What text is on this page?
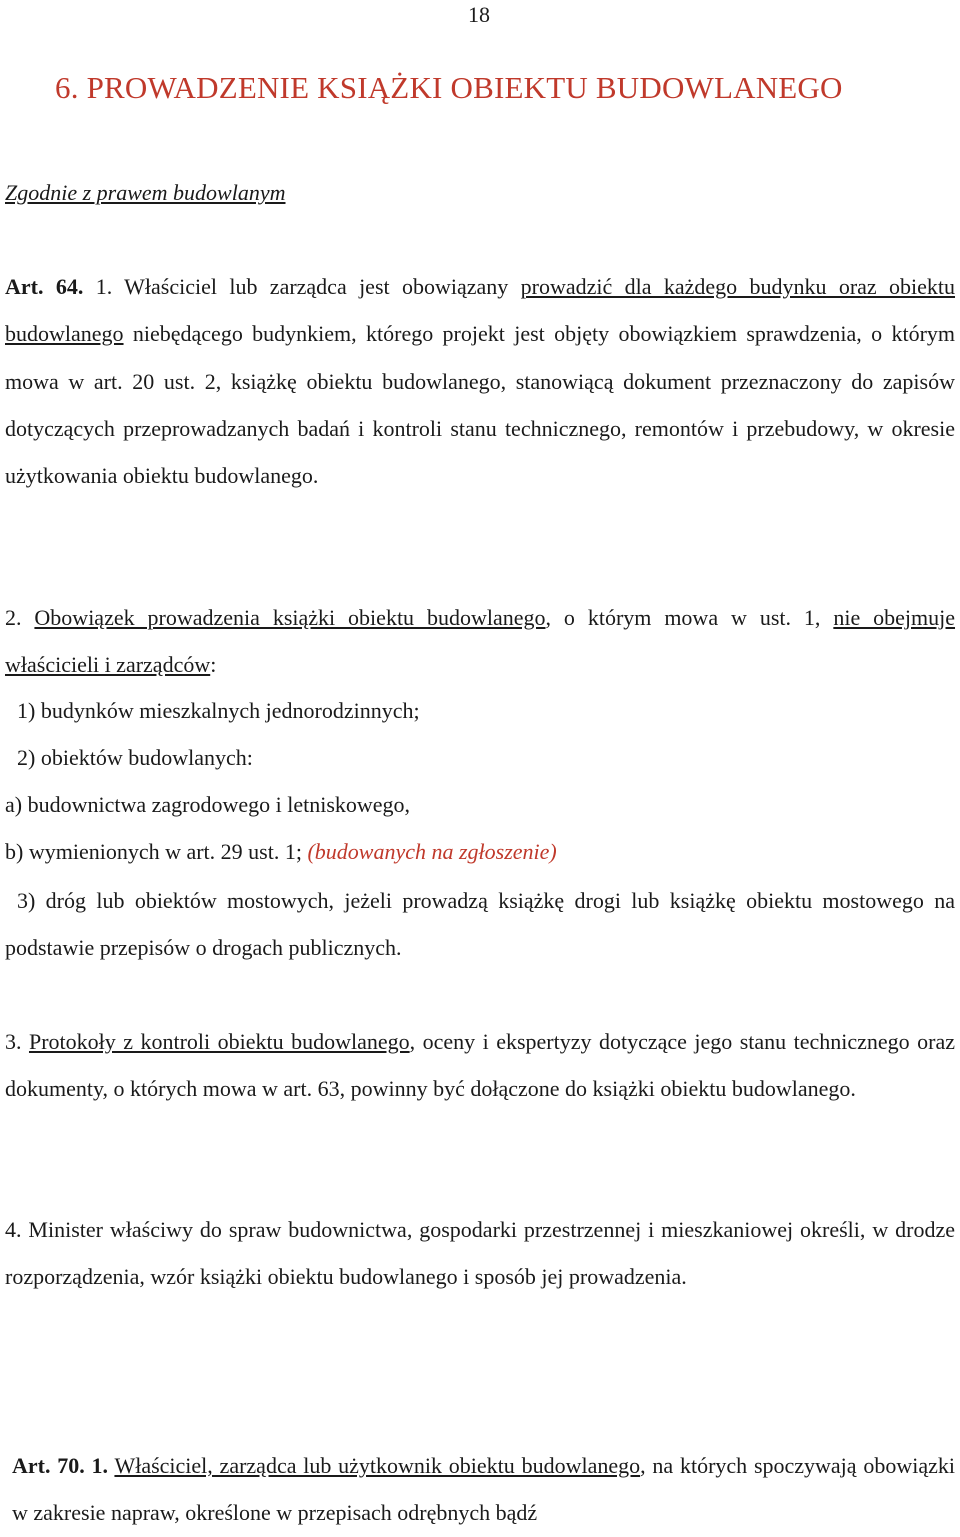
18
6. PROWADZENIE KSIĄŻKI OBIEKTU BUDOWLANEGO
Zgodnie z prawem budowlanym
Art. 64. 1. Właściciel lub zarządca jest obowiązany prowadzić dla każdego budynku oraz obiektu budowlanego niebędącego budynkiem, którego projekt jest objęty obowiązkiem sprawdzenia, o którym mowa w art. 20 ust. 2, książkę obiektu budowlanego, stanowiącą dokument przeznaczony do zapisów dotyczących przeprowadzanych badań i kontroli stanu technicznego, remontów i przebudowy, w okresie użytkowania obiektu budowlanego.
2. Obowiązek prowadzenia książki obiektu budowlanego, o którym mowa w ust. 1, nie obejmuje właścicieli i zarządców:
1) budynków mieszkalnych jednorodzinnych;
2) obiektów budowlanych:
a) budownictwa zagrodowego i letniskowego,
b) wymienionych w art. 29 ust. 1; (budowanych na zgłoszenie)
3) dróg lub obiektów mostowych, jeżeli prowadzą książkę drogi lub książkę obiektu mostowego na podstawie przepisów o drogach publicznych.
3. Protokoły z kontroli obiektu budowlanego, oceny i ekspertyzy dotyczące jego stanu technicznego oraz dokumenty, o których mowa w art. 63, powinny być dołączone do książki obiektu budowlanego.
4. Minister właściwy do spraw budownictwa, gospodarki przestrzennej i mieszkaniowej określi, w drodze rozporządzenia, wzór książki obiektu budowlanego i sposób jej prowadzenia.
Art. 70. 1. Właściciel, zarządca lub użytkownik obiektu budowlanego, na których spoczywają obowiązki w zakresie napraw, określone w przepisach odrębnych bądź
